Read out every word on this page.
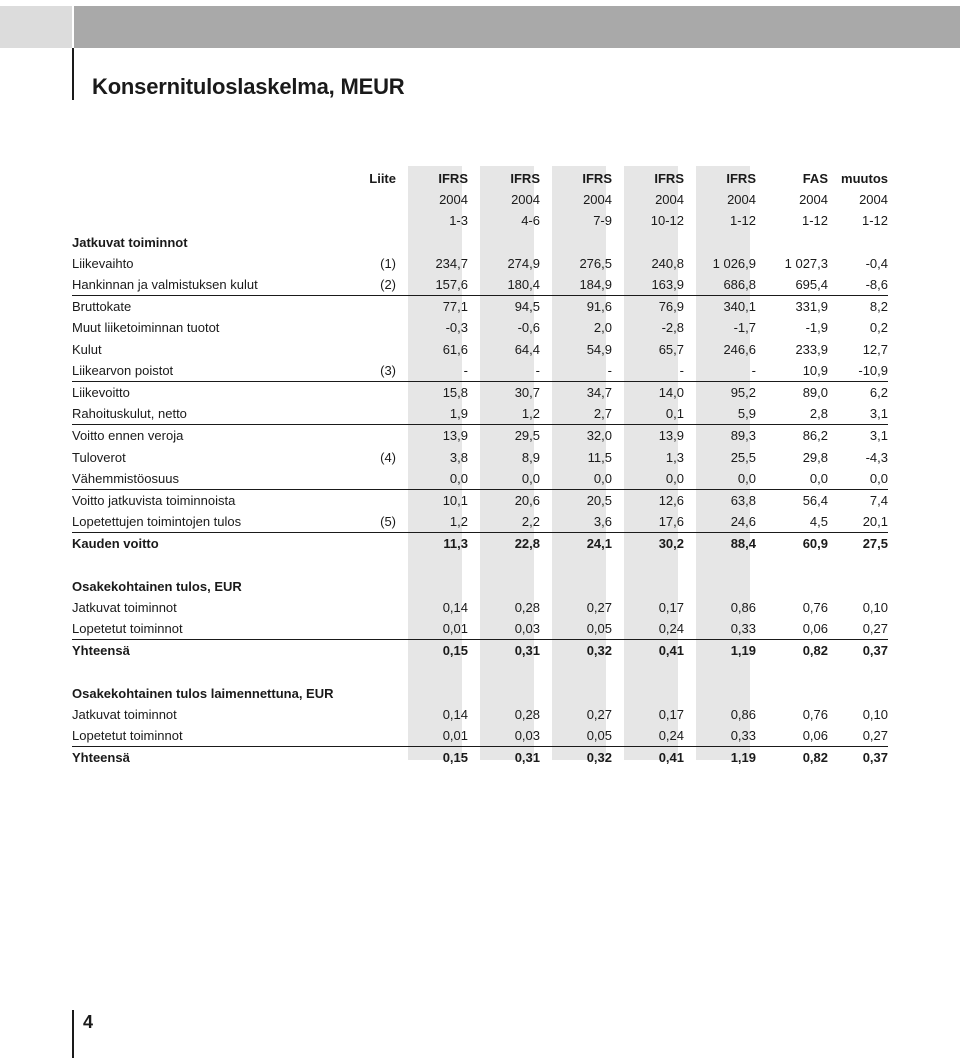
Konsernituloslaskelma, MEUR
	Liite	IFRS	IFRS	IFRS	IFRS	IFRS	FAS	muutos
		2004	2004	2004	2004	2004	2004	2004
		1-3	4-6	7-9	10-12	1-12	1-12	1-12
Jatkuvat toiminnot								
Liikevaihto	(1)	234,7	274,9	276,5	240,8	1 026,9	1 027,3	-0,4
Hankinnan ja valmistuksen kulut	(2)	157,6	180,4	184,9	163,9	686,8	695,4	-8,6
Bruttokate		77,1	94,5	91,6	76,9	340,1	331,9	8,2
Muut liiketoiminnan tuotot		-0,3	-0,6	2,0	-2,8	-1,7	-1,9	0,2
Kulut		61,6	64,4	54,9	65,7	246,6	233,9	12,7
Liikearvon poistot	(3)	-	-	-	-	-	10,9	-10,9
Liikevoitto		15,8	30,7	34,7	14,0	95,2	89,0	6,2
Rahoituskulut, netto		1,9	1,2	2,7	0,1	5,9	2,8	3,1
Voitto ennen veroja		13,9	29,5	32,0	13,9	89,3	86,2	3,1
Tuloverot	(4)	3,8	8,9	11,5	1,3	25,5	29,8	-4,3
Vähemmistöosuus		0,0	0,0	0,0	0,0	0,0	0,0	0,0
Voitto jatkuvista toiminnoista		10,1	20,6	20,5	12,6	63,8	56,4	7,4
Lopetettujen toimintojen tulos	(5)	1,2	2,2	3,6	17,6	24,6	4,5	20,1
Kauden voitto		11,3	22,8	24,1	30,2	88,4	60,9	27,5

Osakekohtainen tulos, EUR								
Jatkuvat toiminnot		0,14	0,28	0,27	0,17	0,86	0,76	0,10
Lopetetut toiminnot		0,01	0,03	0,05	0,24	0,33	0,06	0,27
Yhteensä		0,15	0,31	0,32	0,41	1,19	0,82	0,37

Osakekohtainen tulos laimennettuna, EUR								
Jatkuvat toiminnot		0,14	0,28	0,27	0,17	0,86	0,76	0,10
Lopetetut toiminnot		0,01	0,03	0,05	0,24	0,33	0,06	0,27
Yhteensä		0,15	0,31	0,32	0,41	1,19	0,82	0,37
4
